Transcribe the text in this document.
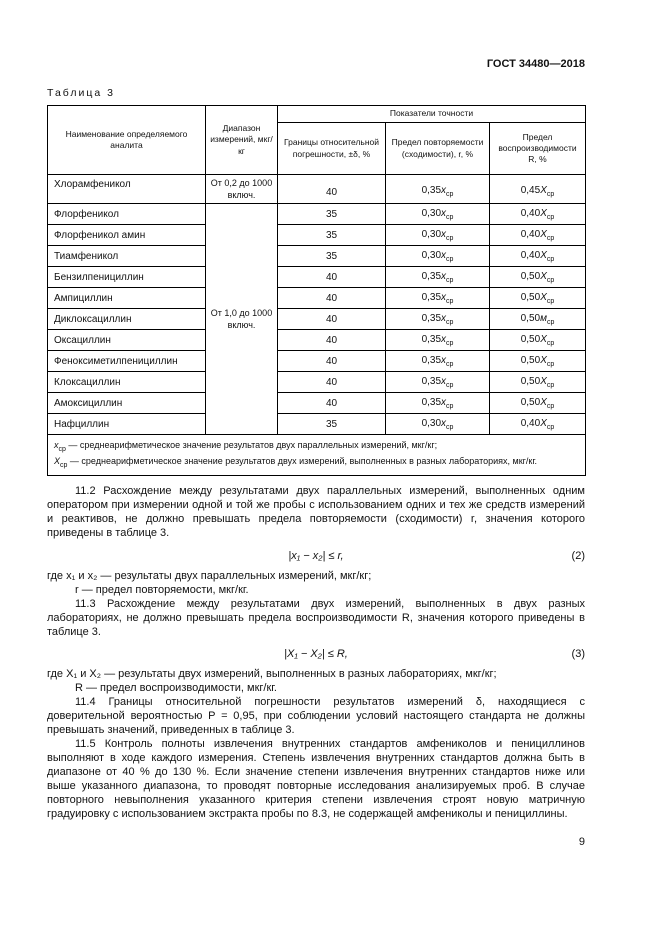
ГОСТ 34480—2018
Таблица 3
Наименование определяемого аналита	Диапазон измерений, мкг/кг	Показатели точности		
		Границы относительной погрешности, ±δ, %	Предел повторяемости (сходимости), r, %	Предел воспроизводимости R, %
Хлорамфеникол	От 0,2 до 1000 включ.	40	$0,35x_{ср}$	$0,45X_{ср}$
Флорфеникол	От 1,0 до 1000 включ.	35	$0,30x_{ср}$	$0,40X_{ср}$
Флорфеникол амин		35	$0,30x_{ср}$	$0,40X_{ср}$
Тиамфеникол		35	$0,30x_{ср}$	$0,40X_{ср}$
Бензилпенициллин		40	$0,35x_{ср}$	$0,50X_{ср}$
Ампициллин		40	$0,35x_{ср}$	$0,50X_{ср}$
Диклоксациллин		40	$0,35x_{ср}$	$0,50м_{ср}$
Оксациллин		40	$0,35x_{ср}$	$0,50X_{ср}$
Феноксиметилпенициллин		40	$0,35x_{ср}$	$0,50X_{ср}$
Клоксациллин		40	$0,35x_{ср}$	$0,50X_{ср}$
Амоксициллин		40	$0,35x_{ср}$	$0,50X_{ср}$
Нафциллин		35	$0,30x_{ср}$	$0,40X_{ср}$

$x_{ср}$ — среднеарифметическое значение результатов двух параллельных измерений, мкг/кг;
$X_{ср}$ — среднеарифметическое значение результатов двух измерений, выполненных в разных лабораториях, мкг/кг.				

11.2 Расхождение между результатами двух параллельных измерений, выполненных одним оператором при измерении одной и той же пробы с использованием одних и тех же средств измерений и реактивов, не должно превышать предела повторяемости (сходимости) r, значения которого приведены в таблице 3.

|x₁ − x₂| ≤ r,	(2)

где x₁ и x₂ — результаты двух параллельных измерений, мкг/кг;

r — предел повторяемости, мкг/кг.

11.3 Расхождение между результатами двух измерений, выполненных в двух разных лабораториях, не должно превышать предела воспроизводимости R, значения которого приведены в таблице 3.

|X₁ − X₂| ≤ R,	(3)

где X₁ и X₂ — результаты двух измерений, выполненных в разных лабораториях, мкг/кг;

R — предел воспроизводимости, мкг/кг.

11.4 Границы относительной погрешности результатов измерений δ, находящиеся с доверительной вероятностью P = 0,95, при соблюдении условий настоящего стандарта не должны превышать значений, приведенных в таблице 3.

11.5 Контроль полноты извлечения внутренних стандартов амфениколов и пенициллинов выполняют в ходе каждого измерения. Степень извлечения внутренних стандартов должна быть в диапазоне от 40 % до 130 %. Если значение степени извлечения внутренних стандартов ниже или выше указанного диапазона, то проводят повторные исследования анализируемых проб. В случае повторного невыполнения указанного критерия степени извлечения строят новую матричную градуировку с использованием экстракта пробы по 8.3, не содержащей амфениколы и пенициллины.

9
